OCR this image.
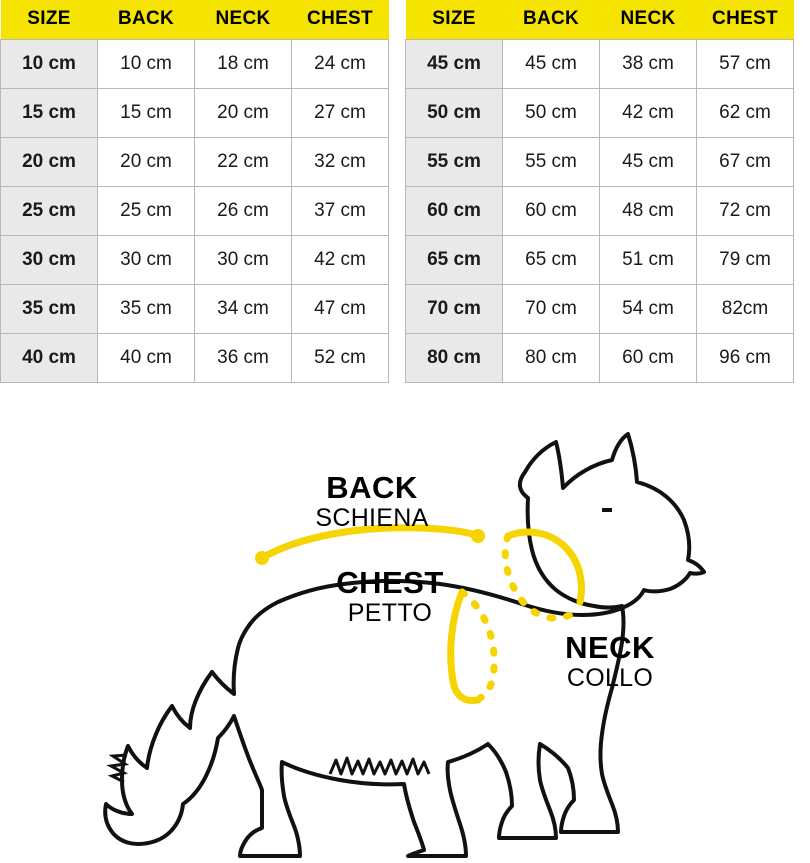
SIZE	BACK	NECK	CHEST
10 cm	10 cm	18 cm	24 cm
15 cm	15 cm	20 cm	27 cm
20 cm	20 cm	22 cm	32 cm
25 cm	25 cm	26 cm	37 cm
30 cm	30 cm	30 cm	42 cm
35 cm	35 cm	34 cm	47 cm
40 cm	40 cm	36 cm	52 cm
SIZE	BACK	NECK	CHEST
45 cm	45 cm	38 cm	57 cm
50 cm	50 cm	42 cm	62 cm
55 cm	55 cm	45 cm	67 cm
60 cm	60 cm	48 cm	72 cm
65 cm	65 cm	51 cm	79 cm
70 cm	70 cm	54 cm	82cm
80 cm	80 cm	60 cm	96 cm
BACK
SCHIENA
CHEST
PETTO
NECK
COLLO
